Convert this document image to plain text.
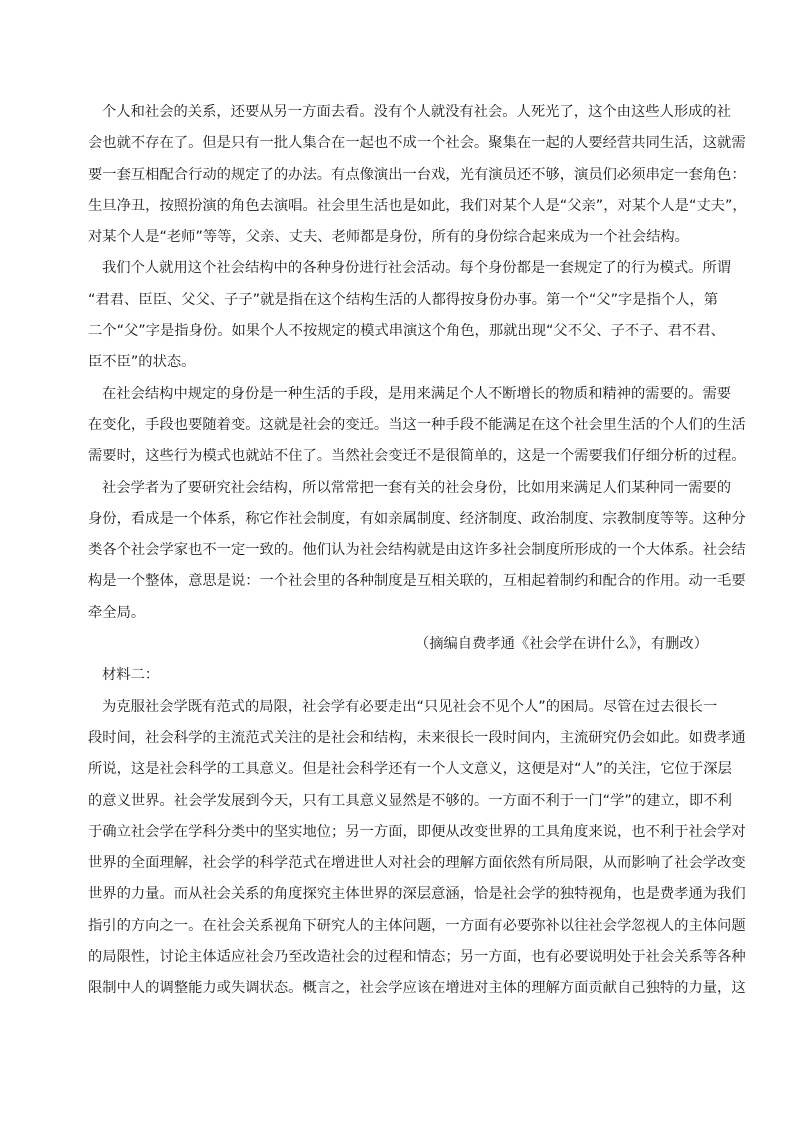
个人和社会的关系，还要从另一方面去看。没有个人就没有社会。人死光了，这个由这些人形成的社
会也就不存在了。但是只有一批人集合在一起也不成一个社会。聚集在一起的人要经营共同生活，这就需
要一套互相配合行动的规定了的办法。有点像演出一台戏，光有演员还不够，演员们必须串定一套角色：
生旦净丑，按照扮演的角色去演唱。社会里生活也是如此，我们对某个人是“父亲”，对某个人是“丈夫”，
对某个人是“老师”等等，父亲、丈夫、老师都是身份，所有的身份综合起来成为一个社会结构。
我们个人就用这个社会结构中的各种身份进行社会活动。每个身份都是一套规定了的行为模式。所谓
“君君、臣臣、父父、子子”就是指在这个结构生活的人都得按身份办事。第一个“父”字是指个人，第
二个“父”字是指身份。如果个人不按规定的模式串演这个角色，那就出现“父不父、子不子、君不君、
臣不臣”的状态。
在社会结构中规定的身份是一种生活的手段，是用来满足个人不断增长的物质和精神的需要的。需要
在变化，手段也要随着变。这就是社会的变迁。当这一种手段不能满足在这个社会里生活的个人们的生活
需要时，这些行为模式也就站不住了。当然社会变迁不是很简单的，这是一个需要我们仔细分析的过程。
社会学者为了要研究社会结构，所以常常把一套有关的社会身份，比如用来满足人们某种同一需要的
身份，看成是一个体系，称它作社会制度，有如亲属制度、经济制度、政治制度、宗教制度等等。这种分
类各个社会学家也不一定一致的。他们认为社会结构就是由这许多社会制度所形成的一个大体系。社会结
构是一个整体，意思是说：一个社会里的各种制度是互相关联的，互相起着制约和配合的作用。动一毛要
牵全局。
（摘编自费孝通《社会学在讲什么》，有删改）
材料二：
为克服社会学既有范式的局限，社会学有必要走出“只见社会不见个人”的困局。尽管在过去很长一
段时间，社会科学的主流范式关注的是社会和结构，未来很长一段时间内，主流研究仍会如此。如费孝通
所说，这是社会科学的工具意义。但是社会科学还有一个人文意义，这便是对“人”的关注，它位于深层
的意义世界。社会学发展到今天，只有工具意义显然是不够的。一方面不利于一门“学”的建立，即不利
于确立社会学在学科分类中的坚实地位；另一方面，即便从改变世界的工具角度来说，也不利于社会学对
世界的全面理解，社会学的科学范式在增进世人对社会的理解方面依然有所局限，从而影响了社会学改变
世界的力量。而从社会关系的角度探究主体世界的深层意涵，恰是社会学的独特视角，也是费孝通为我们
指引的方向之一。在社会关系视角下研究人的主体问题，一方面有必要弥补以往社会学忽视人的主体问题
的局限性，讨论主体适应社会乃至改造社会的过程和情态；另一方面，也有必要说明处于社会关系等各种
限制中人的调整能力或失调状态。概言之，社会学应该在增进对主体的理解方面贡献自己独特的力量，这
